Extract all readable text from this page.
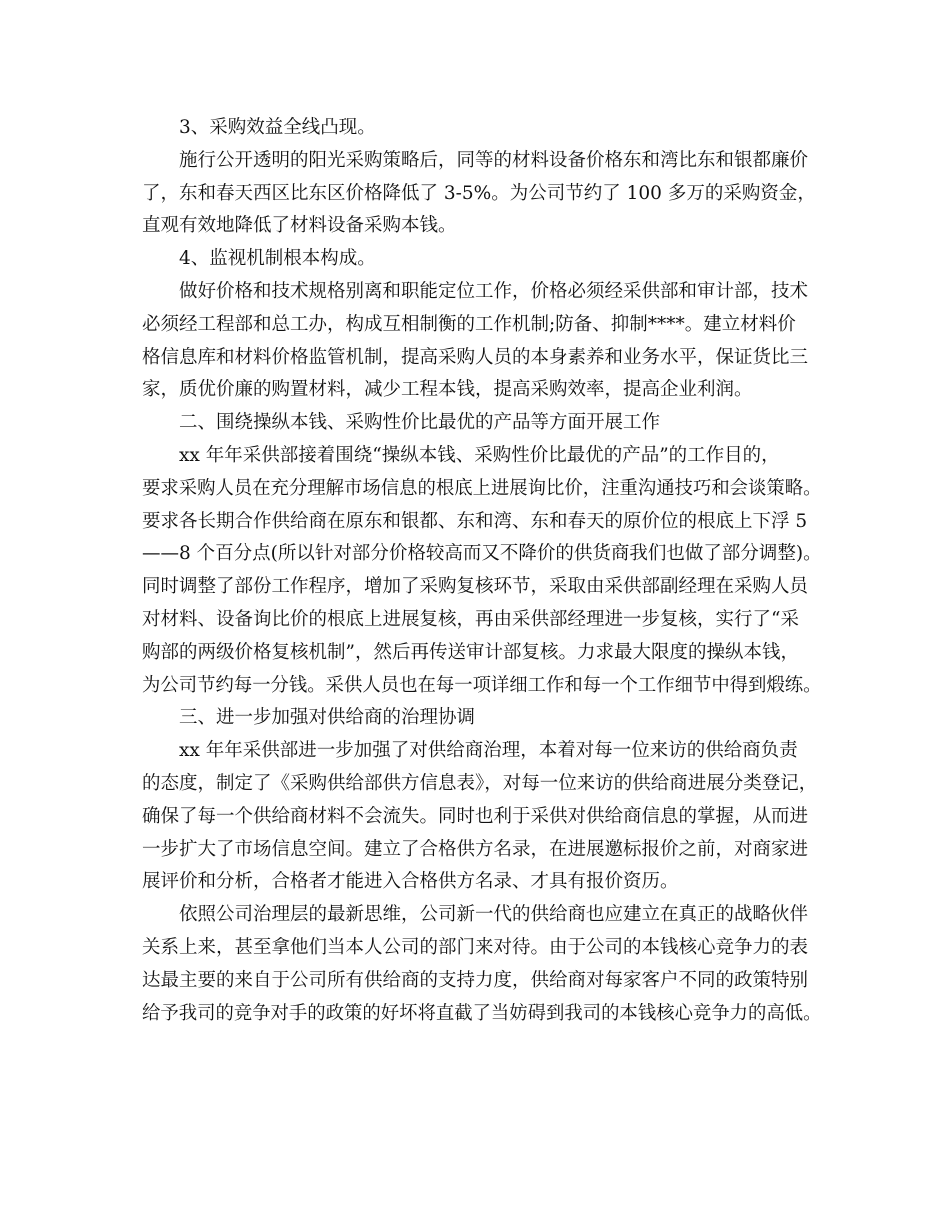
3、采购效益全线凸现。
施行公开透明的阳光采购策略后，同等的材料设备价格东和湾比东和银都廉价
了，东和春天西区比东区价格降低了 3-5%。为公司节约了 100 多万的采购资金，
直观有效地降低了材料设备采购本钱。
4、监视机制根本构成。
做好价格和技术规格别离和职能定位工作，价格必须经采供部和审计部，技术
必须经工程部和总工办，构成互相制衡的工作机制;防备、抑制****。建立材料价
格信息库和材料价格监管机制，提高采购人员的本身素养和业务水平，保证货比三
家，质优价廉的购置材料，减少工程本钱，提高采购效率，提高企业利润。
二、围绕操纵本钱、采购性价比最优的产品等方面开展工作
xx 年年采供部接着围绕“操纵本钱、采购性价比最优的产品”的工作目的，
要求采购人员在充分理解市场信息的根底上进展询比价，注重沟通技巧和会谈策略。
要求各长期合作供给商在原东和银都、东和湾、东和春天的原价位的根底上下浮 5
——8 个百分点(所以针对部分价格较高而又不降价的供货商我们也做了部分调整)。
同时调整了部份工作程序，增加了采购复核环节，采取由采供部副经理在采购人员
对材料、设备询比价的根底上进展复核，再由采供部经理进一步复核，实行了“采
购部的两级价格复核机制”，然后再传送审计部复核。力求最大限度的操纵本钱，
为公司节约每一分钱。采供人员也在每一项详细工作和每一个工作细节中得到煅练。
三、进一步加强对供给商的治理协调
xx 年年采供部进一步加强了对供给商治理，本着对每一位来访的供给商负责
的态度，制定了《采购供给部供方信息表》，对每一位来访的供给商进展分类登记，
确保了每一个供给商材料不会流失。同时也利于采供对供给商信息的掌握，从而进
一步扩大了市场信息空间。建立了合格供方名录，在进展邀标报价之前，对商家进
展评价和分析，合格者才能进入合格供方名录、才具有报价资历。
依照公司治理层的最新思维，公司新一代的供给商也应建立在真正的战略伙伴
关系上来，甚至拿他们当本人公司的部门来对待。由于公司的本钱核心竞争力的表
达最主要的来自于公司所有供给商的支持力度，供给商对每家客户不同的政策特别
给予我司的竞争对手的政策的好坏将直截了当妨碍到我司的本钱核心竞争力的高低。
